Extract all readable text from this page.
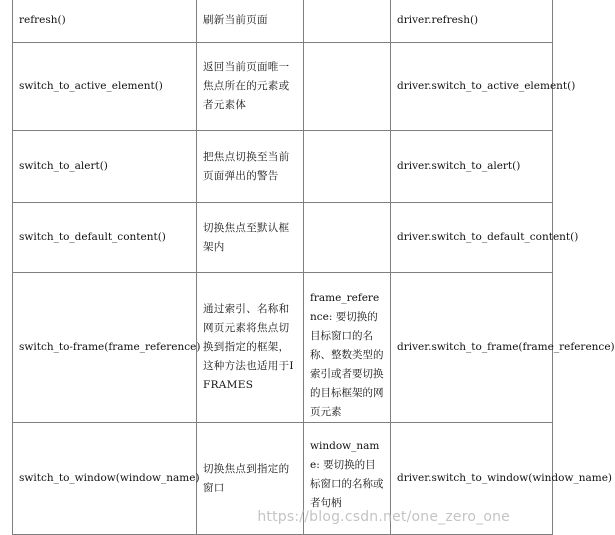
refresh()	刷新当前页面		driver.refresh()
switch_to_active_element()	返回当前页面唯一焦点所在的元素或者元素体		driver.switch_to_active_element()
switch_to_alert()	把焦点切换至当前页面弹出的警告		driver.switch_to_alert()
switch_to_default_content()	切换焦点至默认框架内		driver.switch_to_default_content()
switch_to-frame(frame_reference)	通过索引、名称和网页元素将焦点切换到指定的框架，这种方法也适用于IFRAMES	frame_reference: 要切换的目标窗口的名称、整数类型的索引或者要切换的目标框架的网页元素	driver.switch_to_frame(frame_reference)
switch_to_window(window_name)	切换焦点到指定的窗口	window_name: 要切换的目标窗口的名称或者句柄	driver.switch_to_window(window_name)
https://blog.csdn.net/one_zero_one
